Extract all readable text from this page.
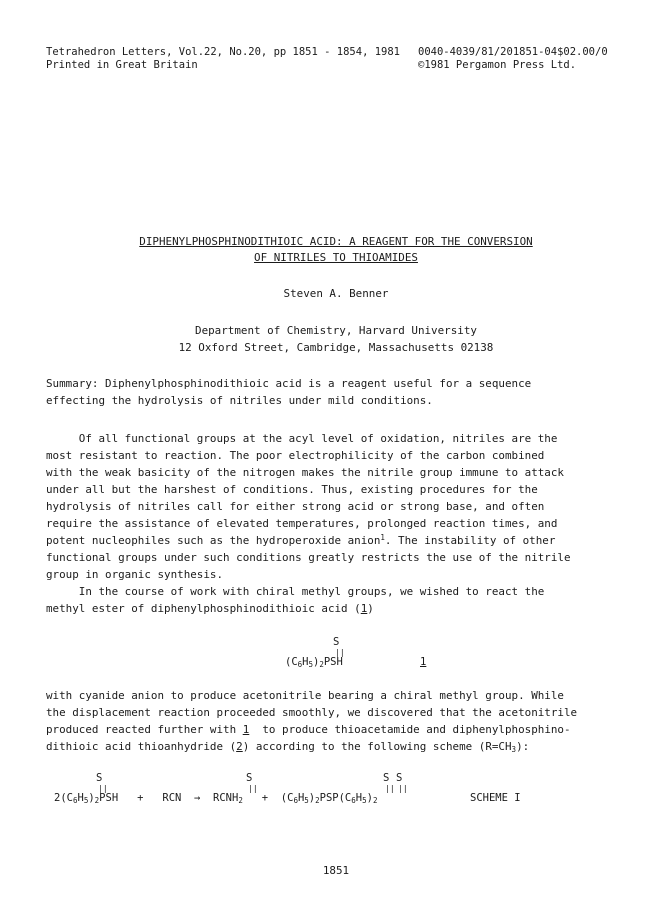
Tetrahedron Letters, Vol.22, No.20, pp 1851 - 1854, 1981
Printed in Great Britain
0040-4039/81/201851-04$02.00/0
©1981 Pergamon Press Ltd.
DIPHENYLPHOSPHINODITHIOIC ACID: A REAGENT FOR THE CONVERSION
OF NITRILES TO THIOAMIDES
Steven A. Benner
Department of Chemistry, Harvard University
12 Oxford Street, Cambridge, Massachusetts 02138
Summary: Diphenylphosphinodithioic acid is a reagent useful for a sequence
effecting the hydrolysis of nitriles under mild conditions.
Of all functional groups at the acyl level of oxidation, nitriles are the
most resistant to reaction. The poor electrophilicity of the carbon combined
with the weak basicity of the nitrogen makes the nitrile group immune to attack
under all but the harshest of conditions. Thus, existing procedures for the
hydrolysis of nitriles call for either strong acid or strong base, and often
require the assistance of elevated temperatures, prolonged reaction times, and
potent nucleophiles such as the hydroperoxide anion$^1$. The instability of other
functional groups under such conditions greatly restricts the use of the nitrile
group in organic synthesis.
In the course of work with chiral methyl groups, we wished to react the
methyl ester of diphenylphosphinodithioic acid (1)
S
||
(C6H5)2PSH	1
with cyanide anion to produce acetonitrile bearing a chiral methyl group. While
the displacement reaction proceeded smoothly, we discovered that the acetonitrile
produced reacted further with 1  to produce thioacetamide and diphenylphosphino-
dithioic acid thioanhydride (2) according to the following scheme (R=CH3):
S
||
S
||
S
||
S
||
2(C6H5)2PSH + RCN → RCNH2 + (C6H5)2PSP(C6H5)2	SCHEME I
1851
